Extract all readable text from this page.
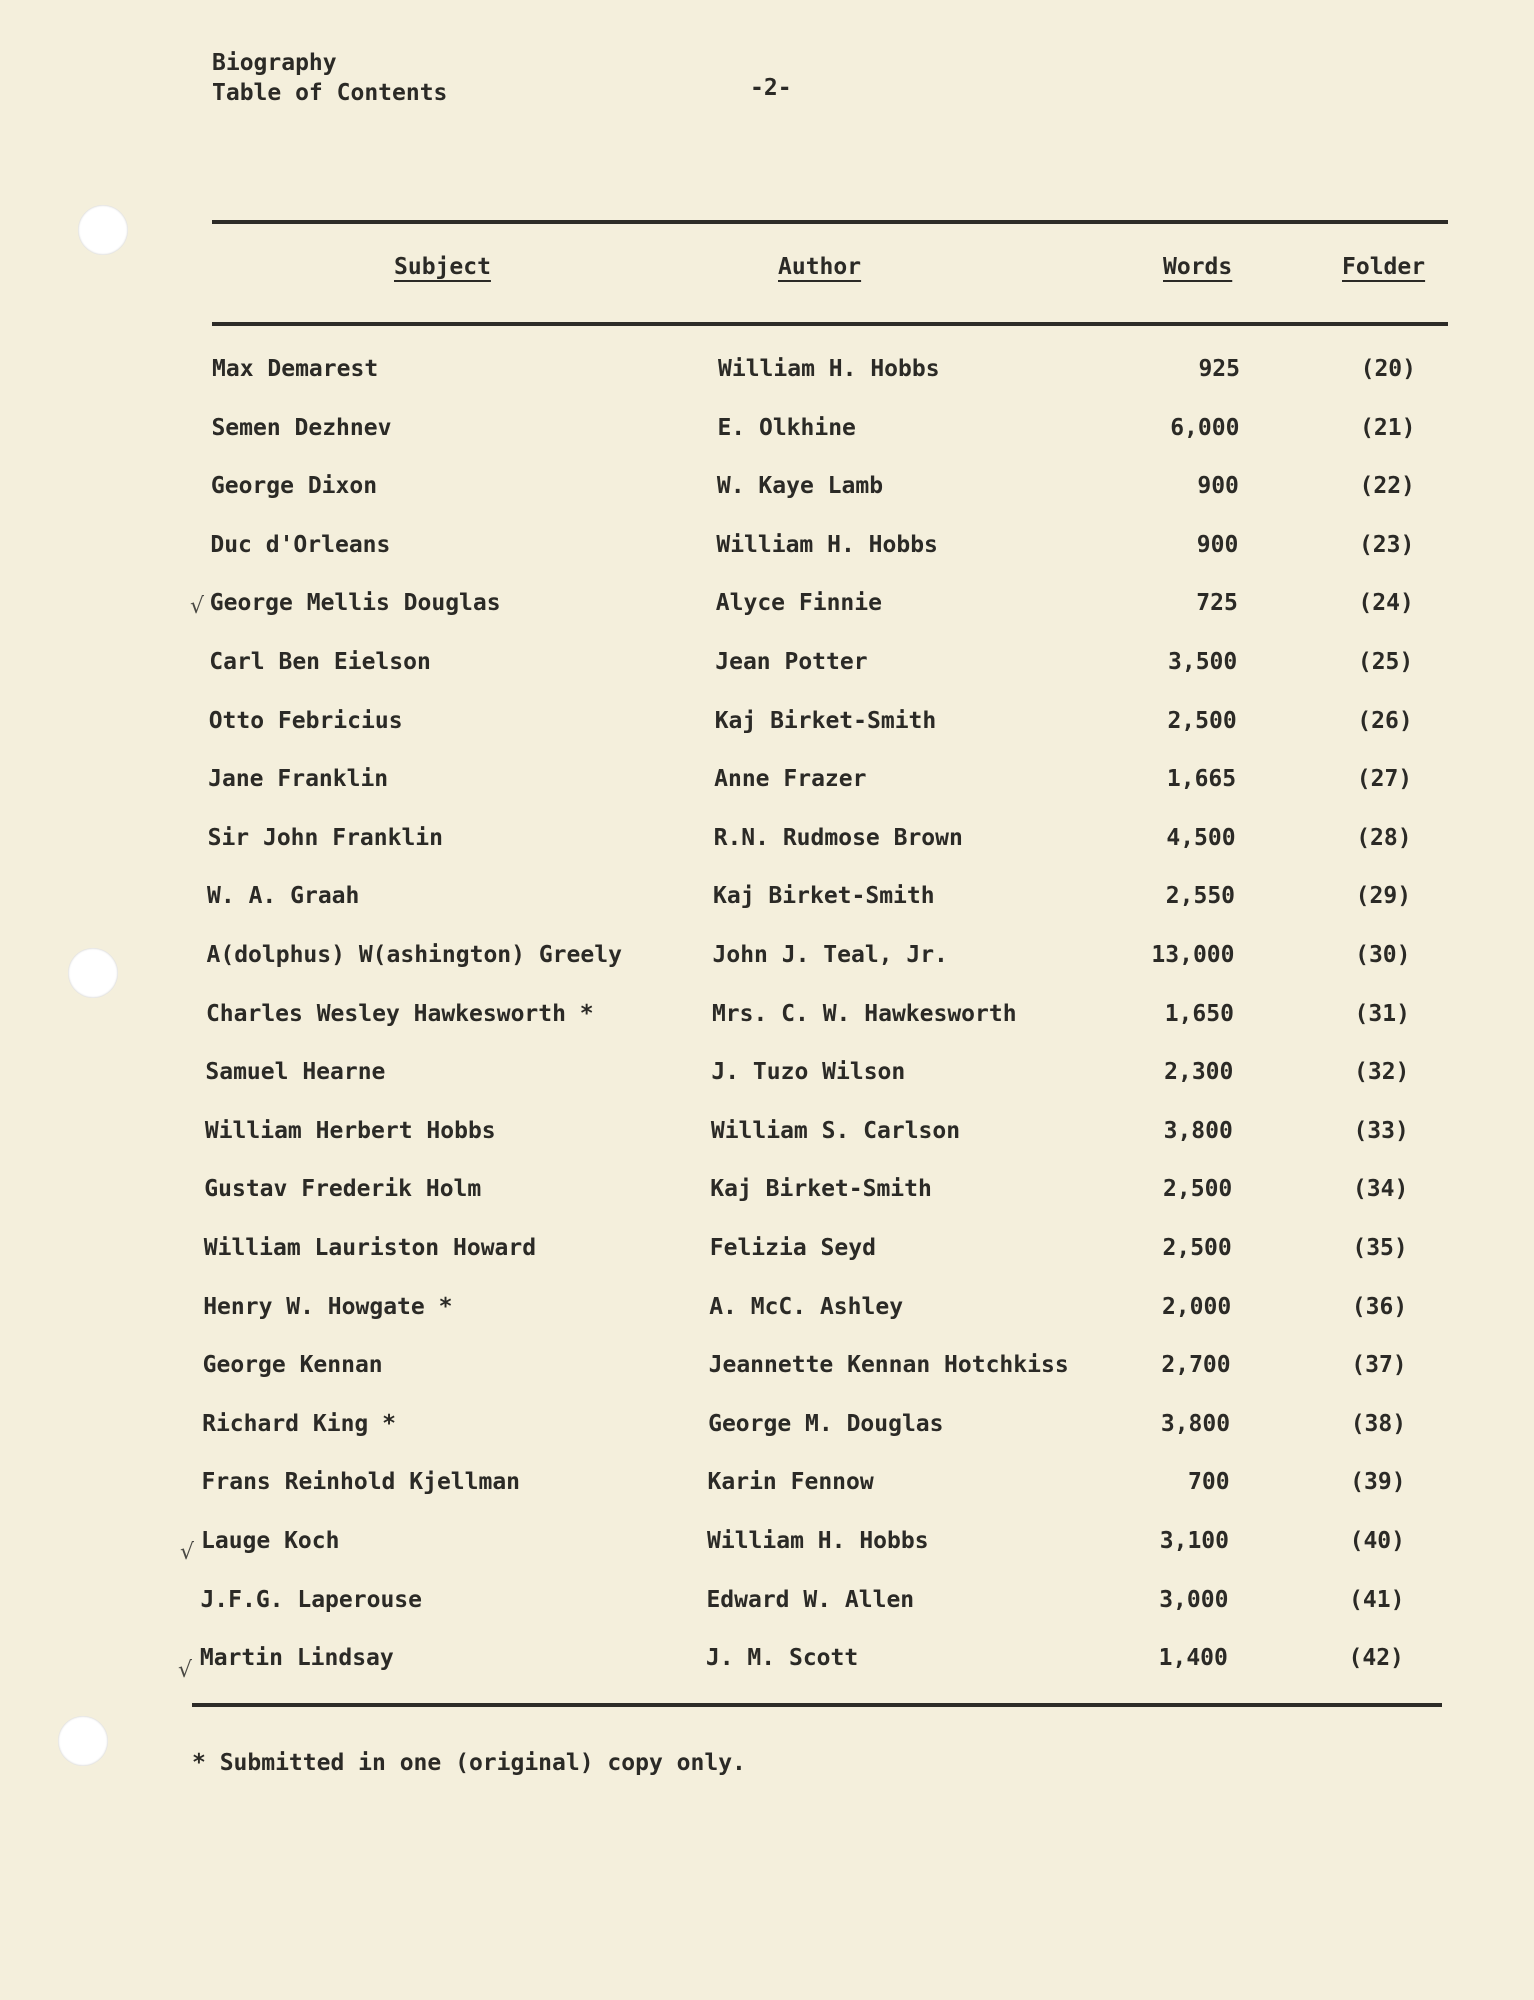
Biography
Table of Contents	-2-
Subject	Author	Words	Folder
Max Demarest	William H. Hobbs	925	(20)
Semen Dezhnev	E. Olkhine	6,000	(21)
George Dixon	W. Kaye Lamb	900	(22)
Duc d'Orleans	William H. Hobbs	900	(23)
George Mellis Douglas	Alyce Finnie	725	(24)
Carl Ben Eielson	Jean Potter	3,500	(25)
Otto Febricius	Kaj Birket-Smith	2,500	(26)
Jane Franklin	Anne Frazer	1,665	(27)
Sir John Franklin	R.N. Rudmose Brown	4,500	(28)
W. A. Graah	Kaj Birket-Smith	2,550	(29)
A(dolphus) W(ashington) Greely	John J. Teal, Jr.	13,000	(30)
Charles Wesley Hawkesworth *	Mrs. C. W. Hawkesworth	1,650	(31)
Samuel Hearne	J. Tuzo Wilson	2,300	(32)
William Herbert Hobbs	William S. Carlson	3,800	(33)
Gustav Frederik Holm	Kaj Birket-Smith	2,500	(34)
William Lauriston Howard	Felizia Seyd	2,500	(35)
Henry W. Howgate *	A. McC. Ashley	2,000	(36)
George Kennan	Jeannette Kennan Hotchkiss	2,700	(37)
Richard King *	George M. Douglas	3,800	(38)
Frans Reinhold Kjellman	Karin Fennow	700	(39)
Lauge Koch	William H. Hobbs	3,100	(40)
J.F.G. Laperouse	Edward W. Allen	3,000	(41)
Martin Lindsay	J. M. Scott	1,400	(42)
√
√
√
* Submitted in one (original) copy only.
